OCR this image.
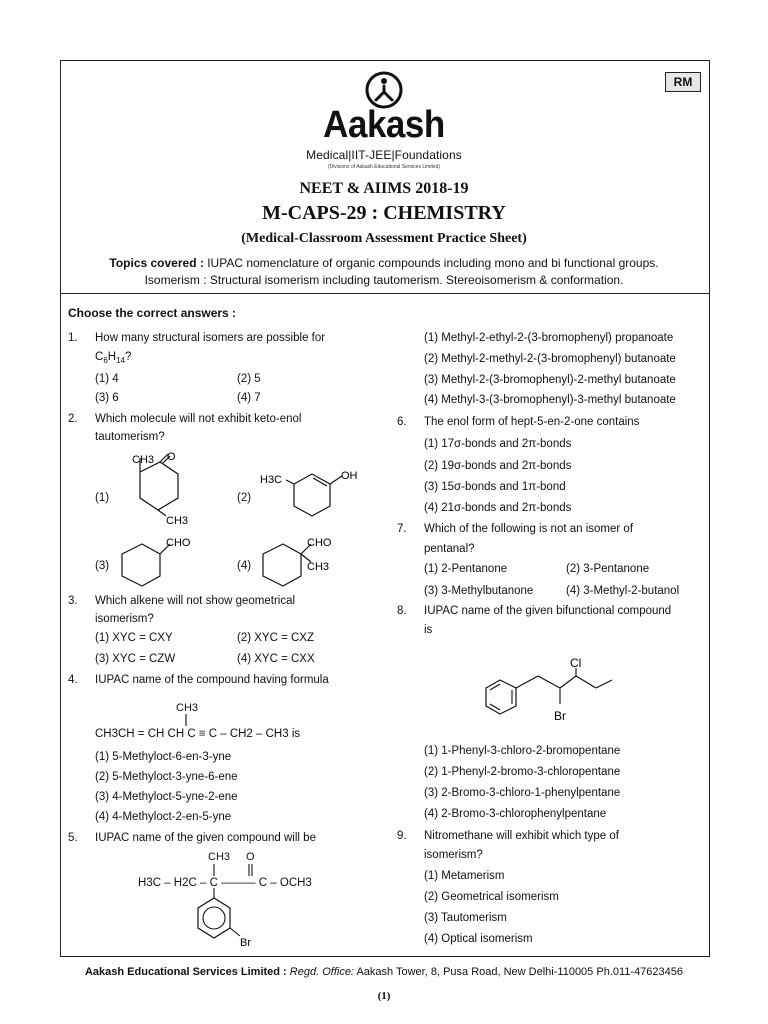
RM
Aakash
Medical|IIT-JEE|Foundations
(Divisions of Aakash Educational Services Limited)
NEET & AIIMS 2018-19
M-CAPS-29 : CHEMISTRY
(Medical-Classroom Assessment Practice Sheet)
Topics covered : IUPAC nomenclature of organic compounds including mono and bi functional groups.
Isomerism : Structural isomerism including tautomerism. Stereoisomerism & conformation.
Choose the correct answers :
1. How many structural isomers are possible for
$C_6H_{14}$?
(1) 4	(2) 5
(3) 6	(4) 7
2. Which molecule will not exhibit keto-enol
tautomerism?
(1)	(2)
(3)	(4)
CH3 O
CH3
H3C	OH
CHO	CHO
CH3
3. Which alkene will not show geometrical
isomerism?
(1) XYC = CXY	(2) XYC = CXZ
(3) XYC = CZW	(4) XYC = CXX
4. IUPAC name of the compound having formula
CH3
CH3CH = CH CH C ≡ C – CH2 – CH3 is
(1) 5-Methyloct-6-en-3-yne
(2) 5-Methyloct-3-yne-6-ene
(3) 4-Methyloct-5-yne-2-ene
(4) 4-Methyloct-2-en-5-yne
5. IUPAC name of the given compound will be
CH3 O
H3C – H2C – C ——— C – OCH3
Br
(1) Methyl-2-ethyl-2-(3-bromophenyl) propanoate
(2) Methyl-2-methyl-2-(3-bromophenyl) butanoate
(3) Methyl-2-(3-bromophenyl)-2-methyl butanoate
(4) Methyl-3-(3-bromophenyl)-3-methyl butanoate
6. The enol form of hept-5-en-2-one contains
(1) 17σ-bonds and 2π-bonds
(2) 19σ-bonds and 2π-bonds
(3) 15σ-bonds and 1π-bond
(4) 21σ-bonds and 2π-bonds
7. Which of the following is not an isomer of
pentanal?
(1) 2-Pentanone	(2) 3-Pentanone
(3) 3-Methylbutanone	(4) 3-Methyl-2-butanol
8. IUPAC name of the given bifunctional compound
is
Cl
Br
(1) 1-Phenyl-3-chloro-2-bromopentane
(2) 1-Phenyl-2-bromo-3-chloropentane
(3) 2-Bromo-3-chloro-1-phenylpentane
(4) 2-Bromo-3-chlorophenylpentane
9. Nitromethane will exhibit which type of
isomerism?
(1) Metamerism
(2) Geometrical isomerism
(3) Tautomerism
(4) Optical isomerism
Aakash Educational Services Limited : Regd. Office: Aakash Tower, 8, Pusa Road, New Delhi-110005 Ph.011-47623456
(1)
